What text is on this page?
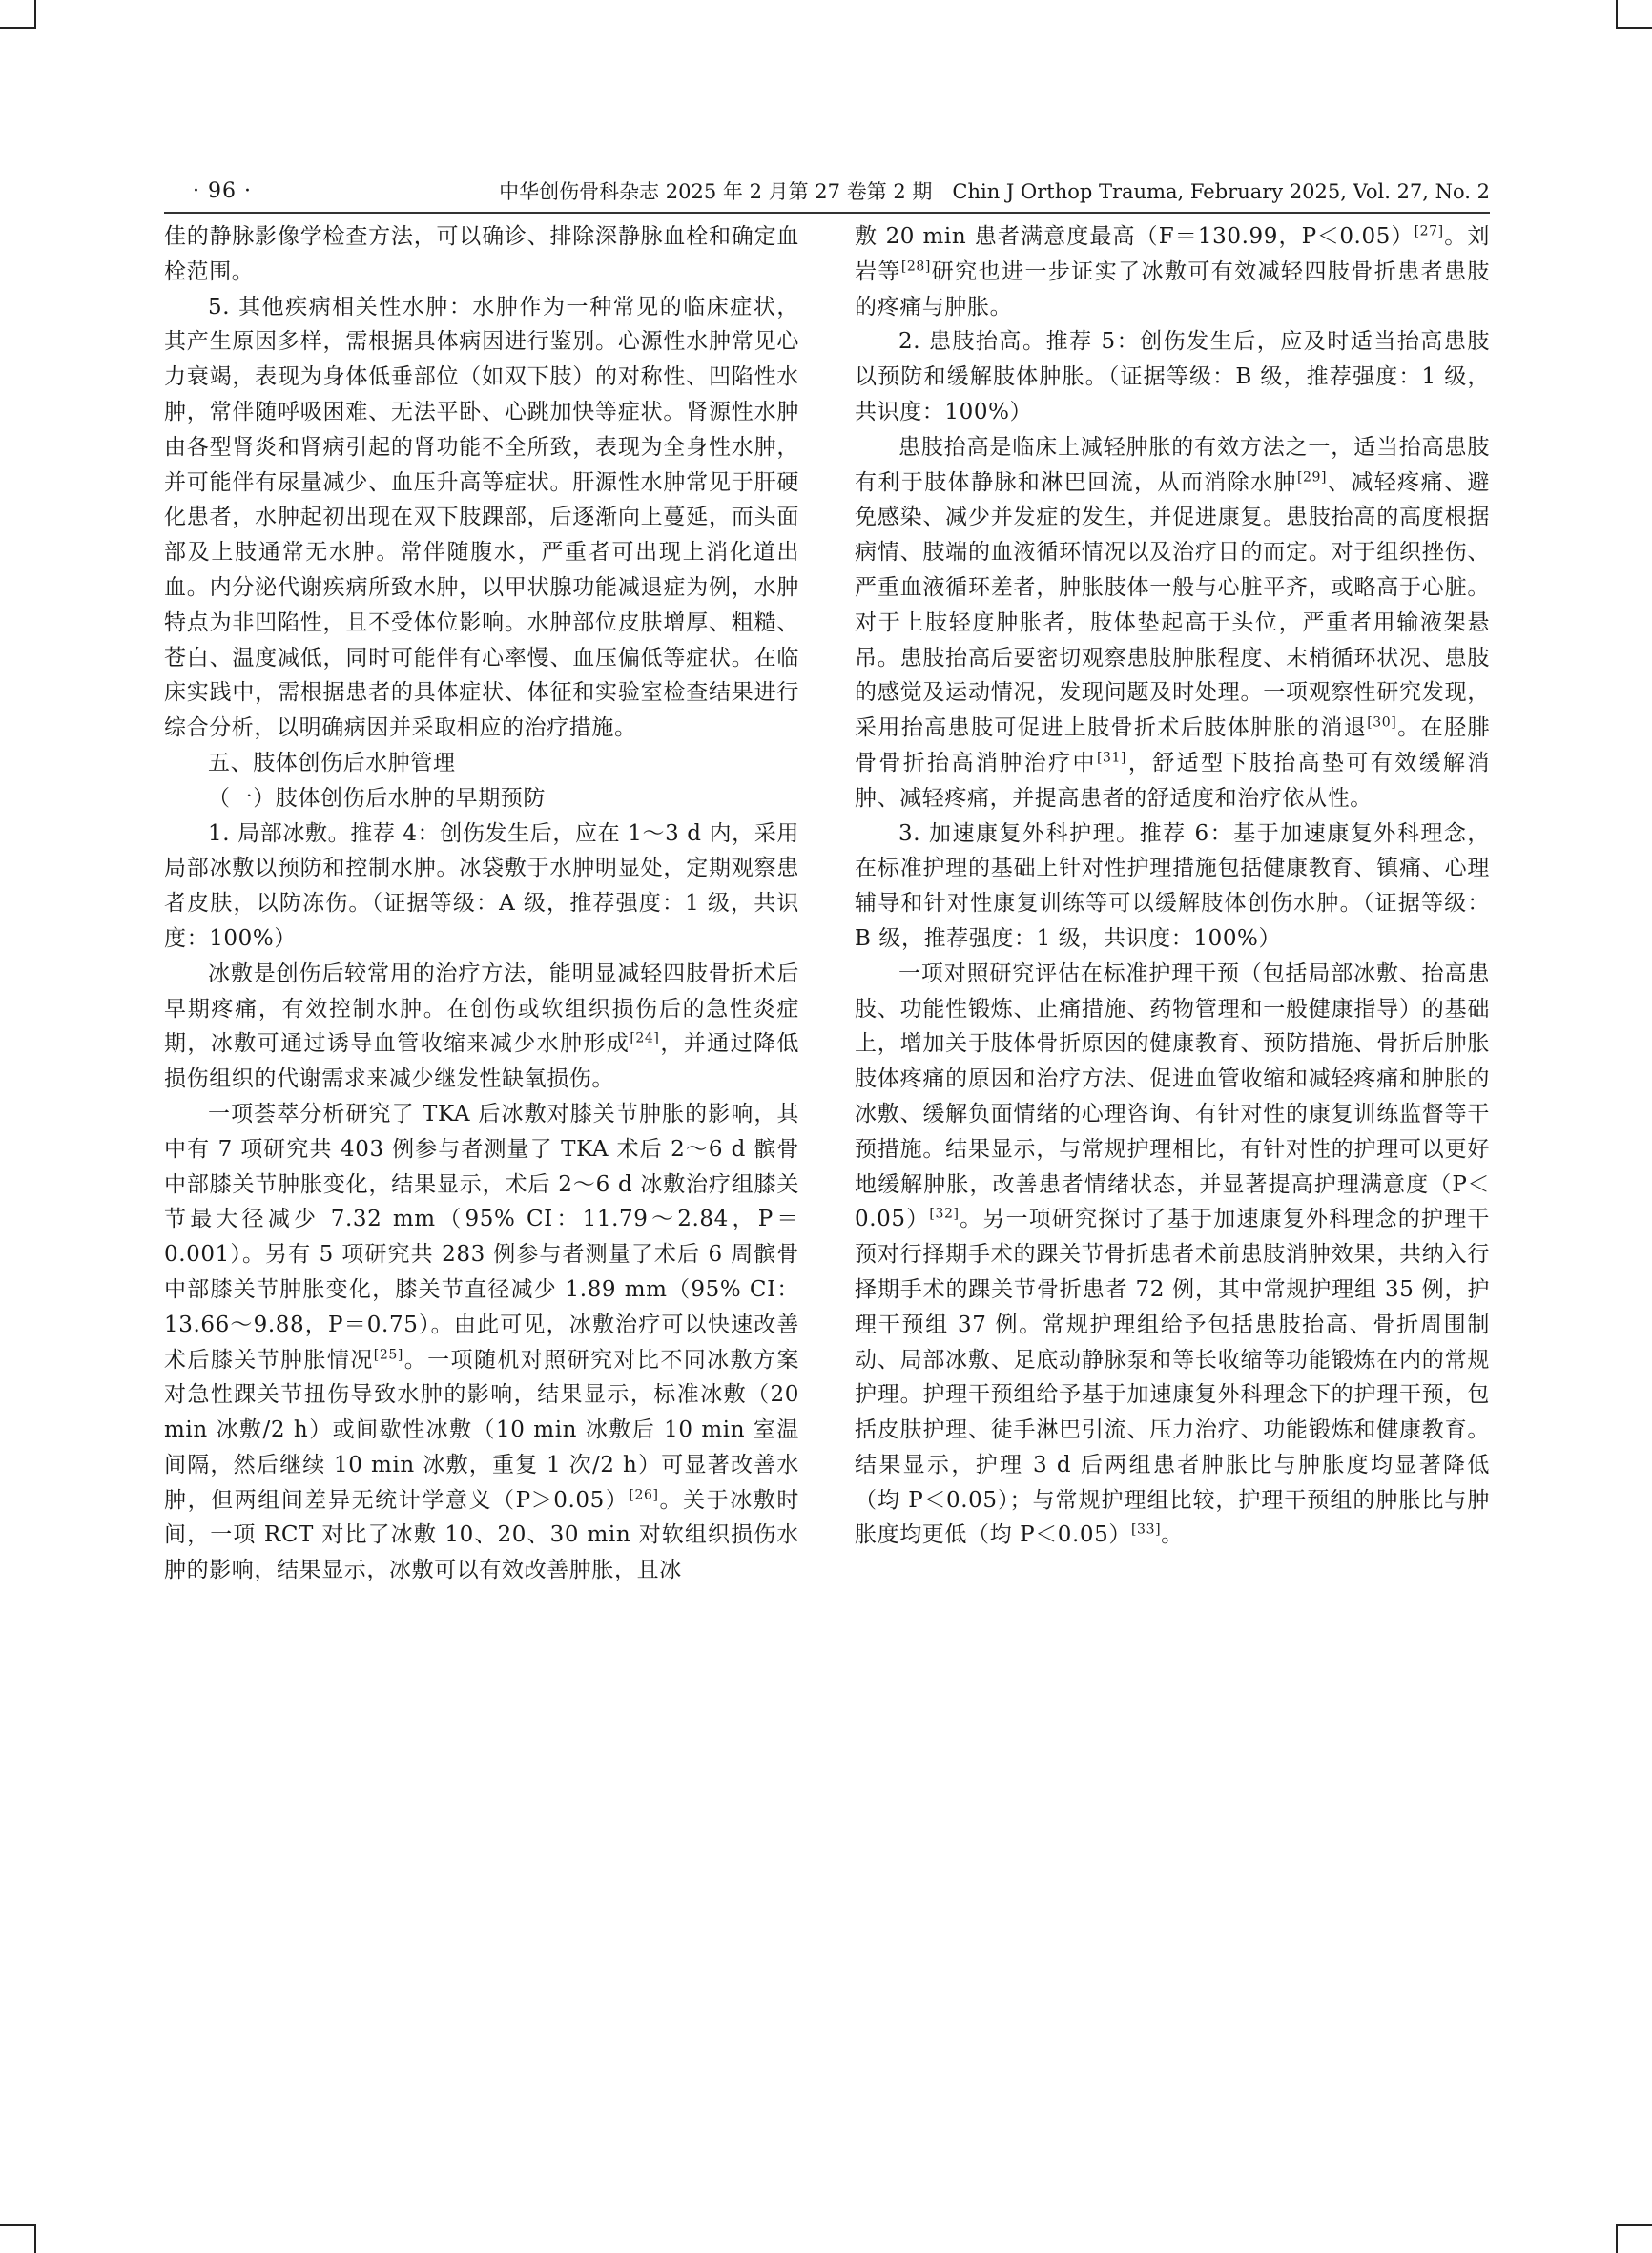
· 96 ·	中华创伤骨科杂志 2025 年 2 月第 27 卷第 2 期　Chin J Orthop Trauma, February 2025, Vol. 27, No. 2

佳的静脉影像学检查方法，可以确诊、排除深静脉血栓和确定血栓范围。

5. 其他疾病相关性水肿：水肿作为一种常见的临床症状，其产生原因多样，需根据具体病因进行鉴别。心源性水肿常见心力衰竭，表现为身体低垂部位（如双下肢）的对称性、凹陷性水肿，常伴随呼吸困难、无法平卧、心跳加快等症状。肾源性水肿由各型肾炎和肾病引起的肾功能不全所致，表现为全身性水肿，并可能伴有尿量减少、血压升高等症状。肝源性水肿常见于肝硬化患者，水肿起初出现在双下肢踝部，后逐渐向上蔓延，而头面部及上肢通常无水肿。常伴随腹水，严重者可出现上消化道出血。内分泌代谢疾病所致水肿，以甲状腺功能减退症为例，水肿特点为非凹陷性，且不受体位影响。水肿部位皮肤增厚、粗糙、苍白、温度减低，同时可能伴有心率慢、血压偏低等症状。在临床实践中，需根据患者的具体症状、体征和实验室检查结果进行综合分析，以明确病因并采取相应的治疗措施。

五、肢体创伤后水肿管理

（一）肢体创伤后水肿的早期预防

1. 局部冰敷。推荐 4：创伤发生后，应在 1～3 d 内，采用局部冰敷以预防和控制水肿。冰袋敷于水肿明显处，定期观察患者皮肤，以防冻伤。（证据等级：A 级，推荐强度：1 级，共识度：100%）

冰敷是创伤后较常用的治疗方法，能明显减轻四肢骨折术后早期疼痛，有效控制水肿。在创伤或软组织损伤后的急性炎症期，冰敷可通过诱导血管收缩来减少水肿形成[24]，并通过降低损伤组织的代谢需求来减少继发性缺氧损伤。

一项荟萃分析研究了 TKA 后冰敷对膝关节肿胀的影响，其中有 7 项研究共 403 例参与者测量了 TKA 术后 2～6 d 髌骨中部膝关节肿胀变化，结果显示，术后 2～6 d 冰敷治疗组膝关节最大径减少 7.32 mm（95% CI：11.79～2.84，P＝0.001）。另有 5 项研究共 283 例参与者测量了术后 6 周髌骨中部膝关节肿胀变化，膝关节直径减少 1.89 mm（95% CI：13.66～9.88，P＝0.75）。由此可见，冰敷治疗可以快速改善术后膝关节肿胀情况[25]。一项随机对照研究对比不同冰敷方案对急性踝关节扭伤导致水肿的影响，结果显示，标准冰敷（20 min 冰敷/2 h）或间歇性冰敷（10 min 冰敷后 10 min 室温间隔，然后继续 10 min 冰敷，重复 1 次/2 h）可显著改善水肿，但两组间差异无统计学意义（P＞0.05）[26]。关于冰敷时间，一项 RCT 对比了冰敷 10、20、30 min 对软组织损伤水肿的影响，结果显示，冰敷可以有效改善肿胀，且冰

敷 20 min 患者满意度最高（F＝130.99，P＜0.05）[27]。刘岩等[28]研究也进一步证实了冰敷可有效减轻四肢骨折患者患肢的疼痛与肿胀。

2. 患肢抬高。推荐 5：创伤发生后，应及时适当抬高患肢以预防和缓解肢体肿胀。（证据等级：B 级，推荐强度：1 级，共识度：100%）

患肢抬高是临床上减轻肿胀的有效方法之一，适当抬高患肢有利于肢体静脉和淋巴回流，从而消除水肿[29]、减轻疼痛、避免感染、减少并发症的发生，并促进康复。患肢抬高的高度根据病情、肢端的血液循环情况以及治疗目的而定。对于组织挫伤、严重血液循环差者，肿胀肢体一般与心脏平齐，或略高于心脏。对于上肢轻度肿胀者，肢体垫起高于头位，严重者用输液架悬吊。患肢抬高后要密切观察患肢肿胀程度、末梢循环状况、患肢的感觉及运动情况，发现问题及时处理。一项观察性研究发现，采用抬高患肢可促进上肢骨折术后肢体肿胀的消退[30]。在胫腓骨骨折抬高消肿治疗中[31]，舒适型下肢抬高垫可有效缓解消肿、减轻疼痛，并提高患者的舒适度和治疗依从性。

3. 加速康复外科护理。推荐 6：基于加速康复外科理念，在标准护理的基础上针对性护理措施包括健康教育、镇痛、心理辅导和针对性康复训练等可以缓解肢体创伤水肿。（证据等级：B 级，推荐强度：1 级，共识度：100%）

一项对照研究评估在标准护理干预（包括局部冰敷、抬高患肢、功能性锻炼、止痛措施、药物管理和一般健康指导）的基础上，增加关于肢体骨折原因的健康教育、预防措施、骨折后肿胀肢体疼痛的原因和治疗方法、促进血管收缩和减轻疼痛和肿胀的冰敷、缓解负面情绪的心理咨询、有针对性的康复训练监督等干预措施。结果显示，与常规护理相比，有针对性的护理可以更好地缓解肿胀，改善患者情绪状态，并显著提高护理满意度（P＜0.05）[32]。另一项研究探讨了基于加速康复外科理念的护理干预对行择期手术的踝关节骨折患者术前患肢消肿效果，共纳入行择期手术的踝关节骨折患者 72 例，其中常规护理组 35 例，护理干预组 37 例。常规护理组给予包括患肢抬高、骨折周围制动、局部冰敷、足底动静脉泵和等长收缩等功能锻炼在内的常规护理。护理干预组给予基于加速康复外科理念下的护理干预，包括皮肤护理、徒手淋巴引流、压力治疗、功能锻炼和健康教育。结果显示，护理 3 d 后两组患者肿胀比与肿胀度均显著降低（均 P＜0.05）；与常规护理组比较，护理干预组的肿胀比与肿胀度均更低（均 P＜0.05）[33]。
